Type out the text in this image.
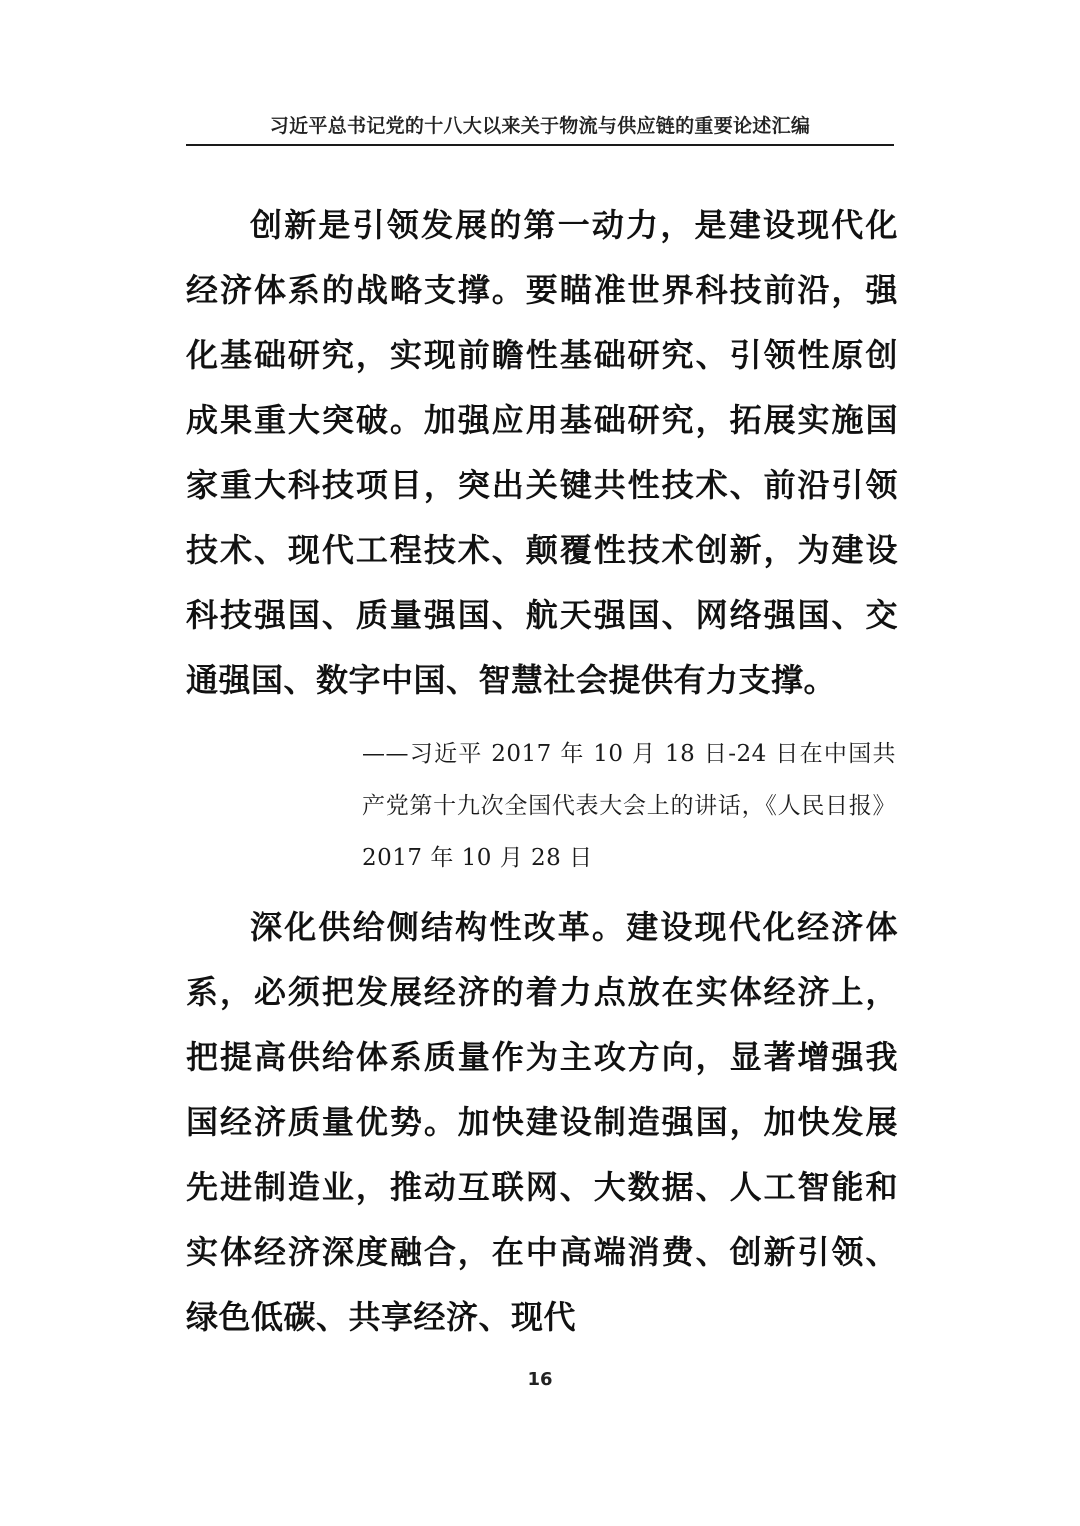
习近平总书记党的十八大以来关于物流与供应链的重要论述汇编

创新是引领发展的第一动力，是建设现代化经济体系的战略支撑。要瞄准世界科技前沿，强化基础研究，实现前瞻性基础研究、引领性原创成果重大突破。加强应用基础研究，拓展实施国家重大科技项目，突出关键共性技术、前沿引领技术、现代工程技术、颠覆性技术创新，为建设科技强国、质量强国、航天强国、网络强国、交通强国、数字中国、智慧社会提供有力支撑。

——习近平 2017 年 10 月 18 日-24 日在中国共产党第十九次全国代表大会上的讲话，《人民日报》2017 年 10 月 28 日

深化供给侧结构性改革。建设现代化经济体系，必须把发展经济的着力点放在实体经济上，把提高供给体系质量作为主攻方向，显著增强我国经济质量优势。加快建设制造强国，加快发展先进制造业，推动互联网、大数据、人工智能和实体经济深度融合，在中高端消费、创新引领、绿色低碳、共享经济、现代

16
